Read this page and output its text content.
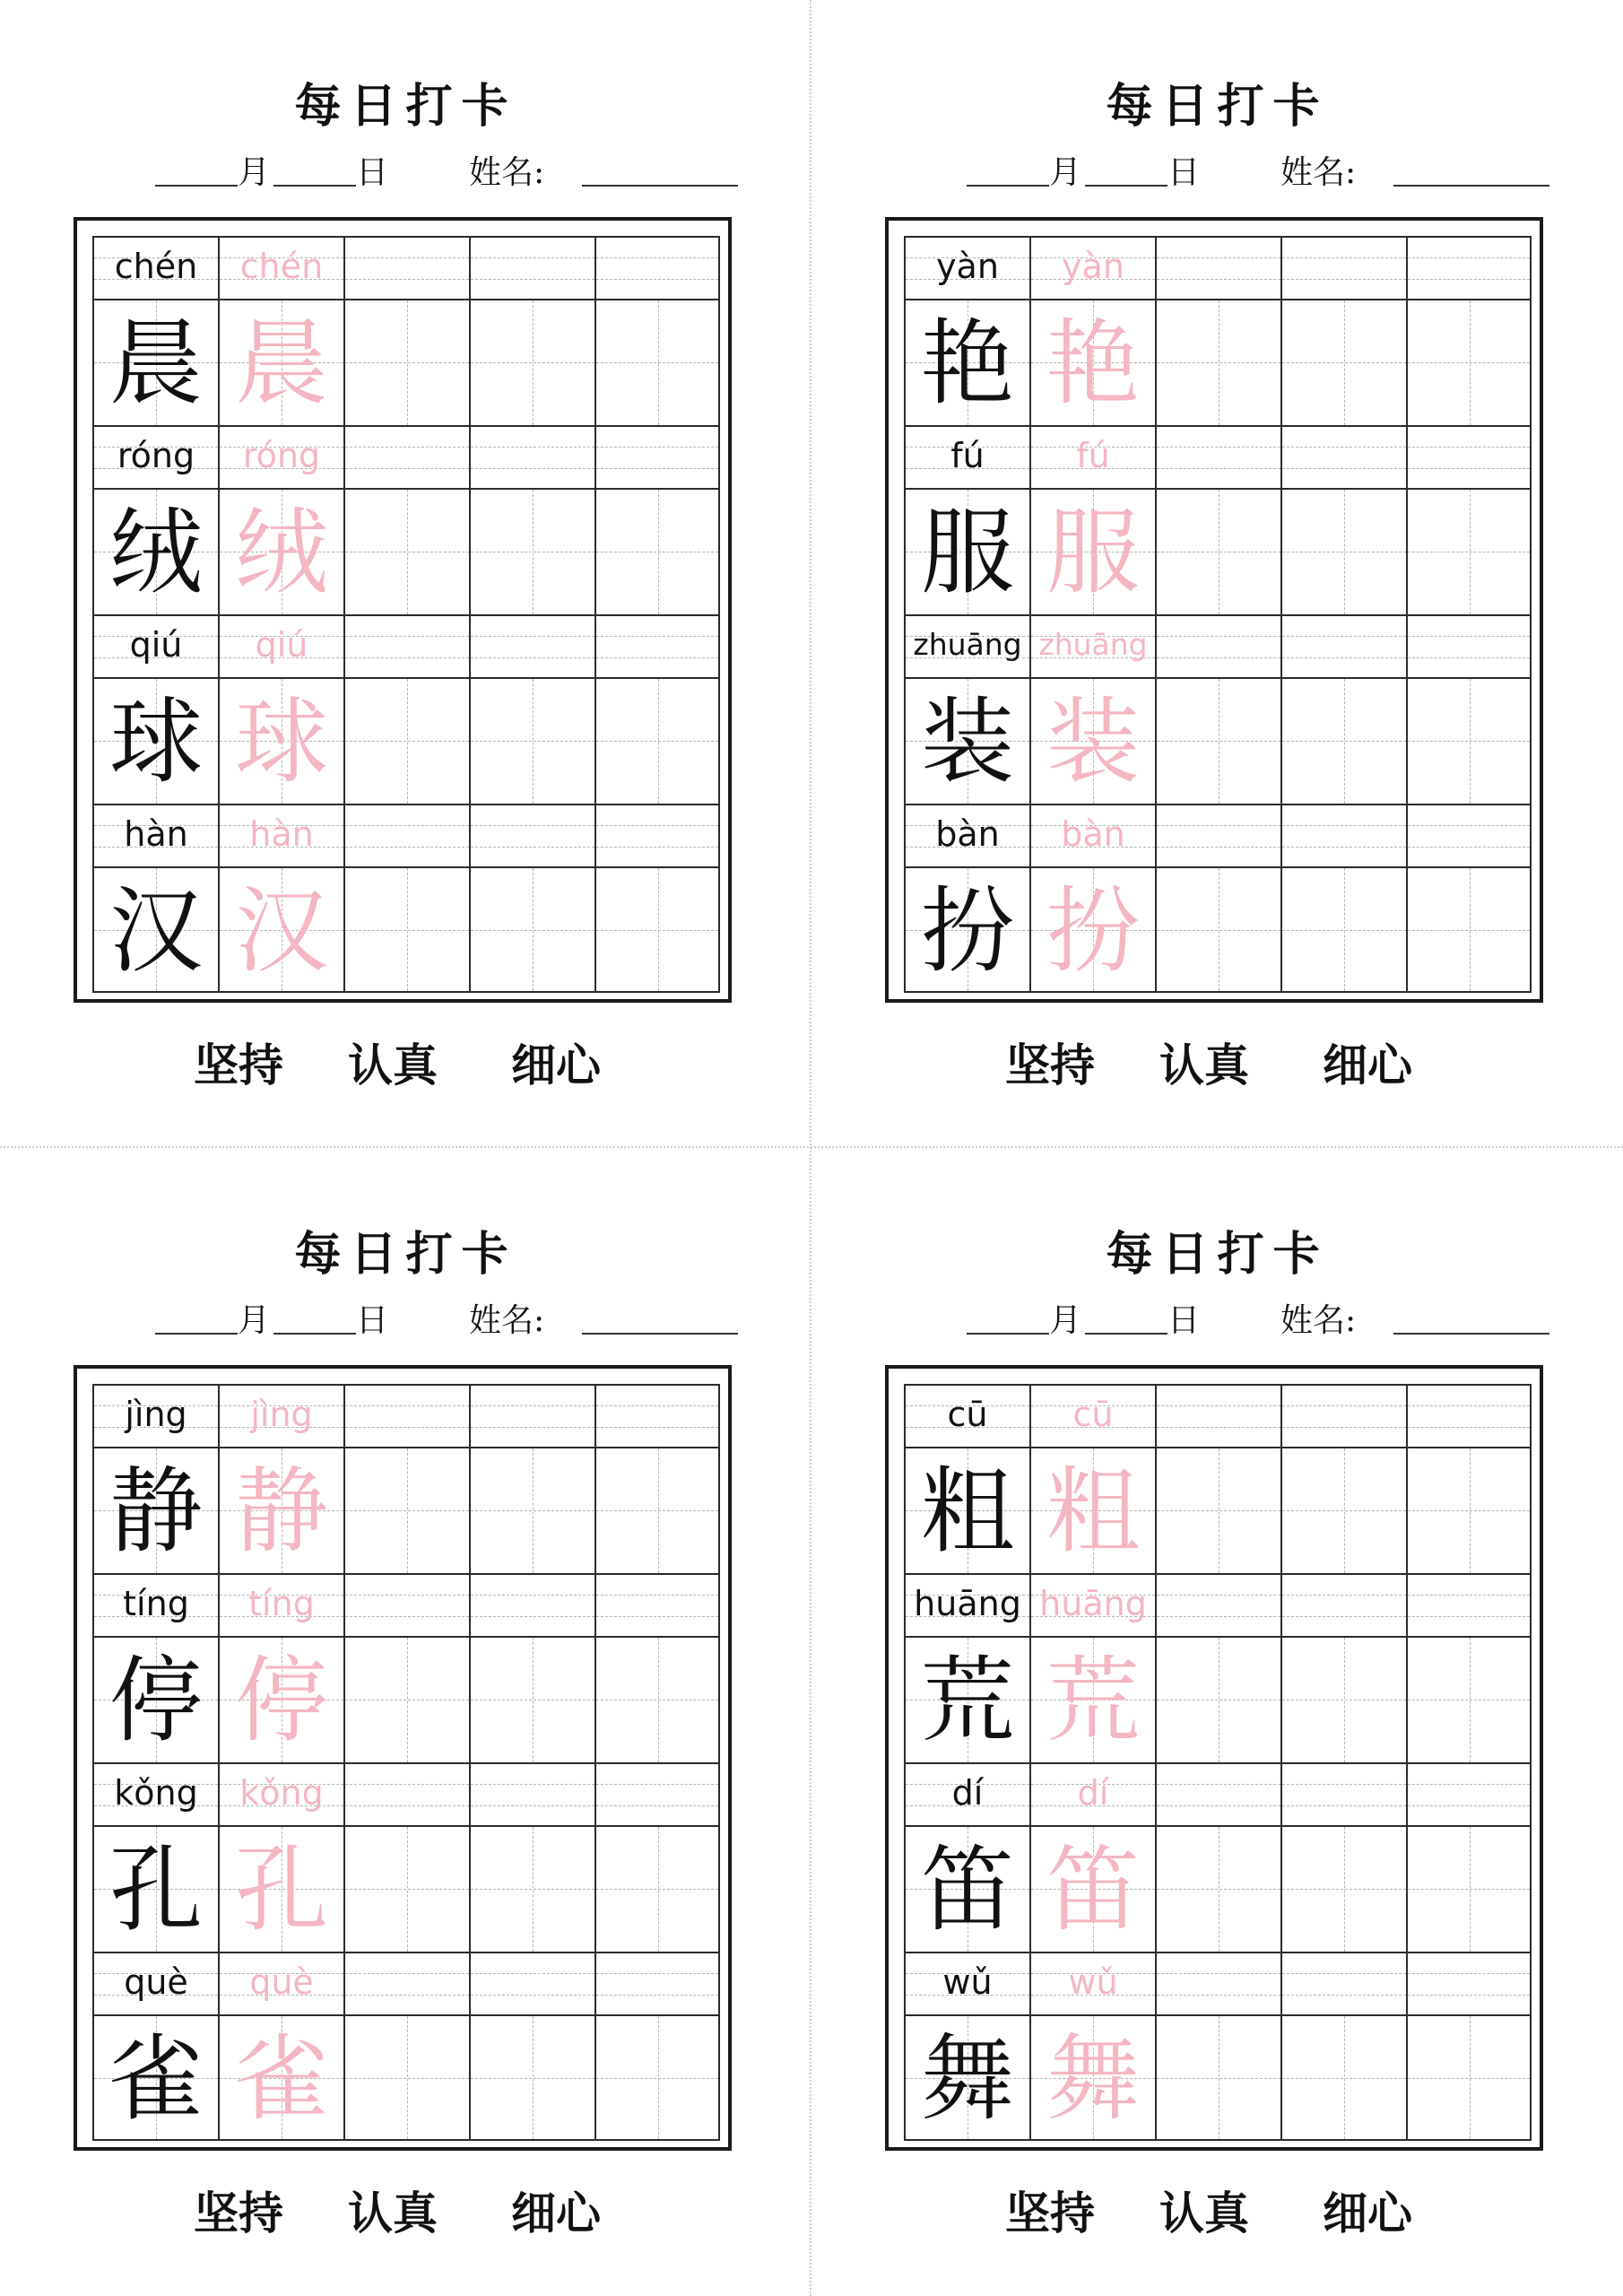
每日打卡
月	日 姓名:
chén	chén
晨 晨
róng	róng
绒 绒
qiú	qiú
球 球
hàn	hàn
汉 汉
坚持 认真 细心
每日打卡
月	日 姓名:
yàn	yàn
艳 艳
fú	fú
服 服
zhuāng zhuāng
装 装
bàn	bàn
扮 扮
坚持 认真 细心
每日打卡
月	日 姓名:
jìng	jìng
静 静
tíng	tíng
停 停
kǒng	kǒng
孔 孔
què	què
雀 雀
坚持 认真 细心
每日打卡
月	日 姓名:
cū	cū
粗 粗
huāng huāng
荒 荒
dí	dí
笛 笛
wǔ	wǔ
舞 舞
坚持 认真 细心
